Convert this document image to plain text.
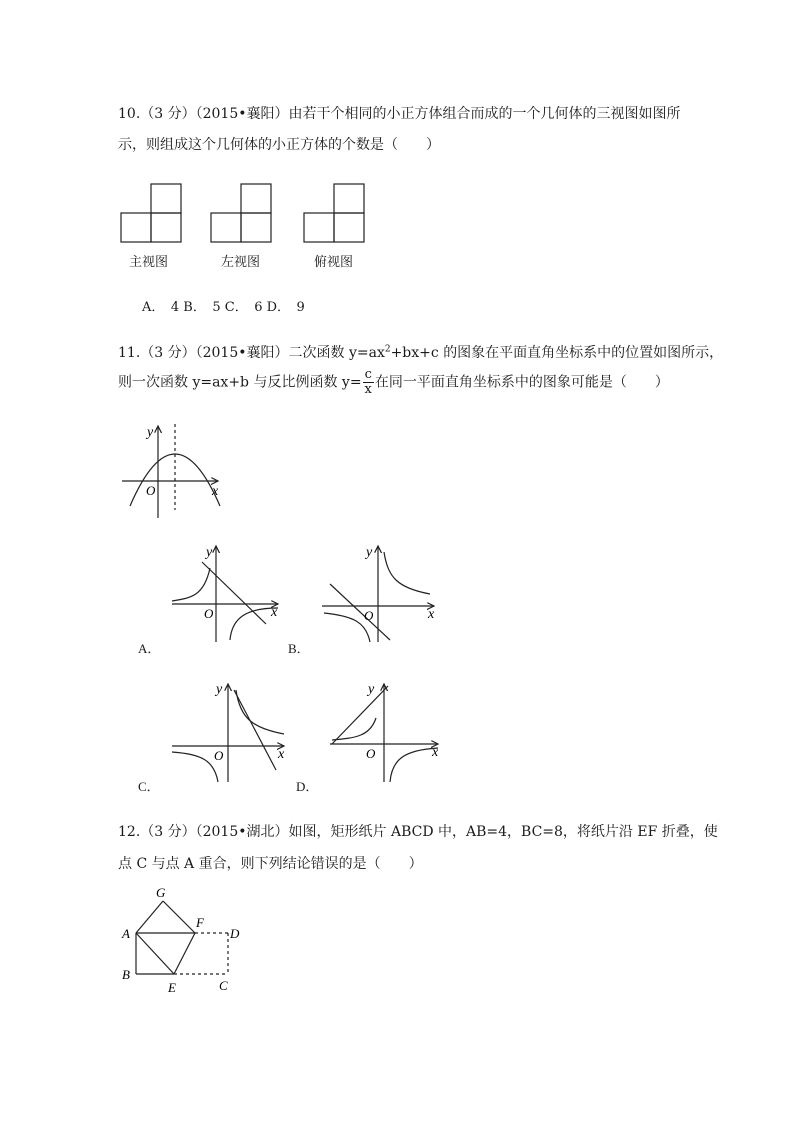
10.（3 分）（2015•襄阳）由若干个相同的小正方体组合而成的一个几何体的三视图如图所
示，则组成这个几何体的小正方体的个数是（　　）
主视图	左视图	俯视图
A．　4 B．　5 C．　6 D．　9
11.（3 分）（2015•襄阳）二次函数 $y=ax^2+bx+c$ 的图象在平面直角坐标系中的位置如图所示，
则一次函数 y=ax+b 与反比例函数 $y= \frac{c}{x}$ 在同一平面直角坐标系中的图象可能是（　　）
y
x
O
y
x
O
A．
y
x
O
B．
y
x
O
C．
y
x
O
D．
12.（3 分）（2015•湖北）如图，矩形纸片 ABCD 中，AB=4，BC=8，将纸片沿 EF 折叠，使
点 C 与点 A 重合，则下列结论错误的是（　　）
G
F
A	D
B
E	C
